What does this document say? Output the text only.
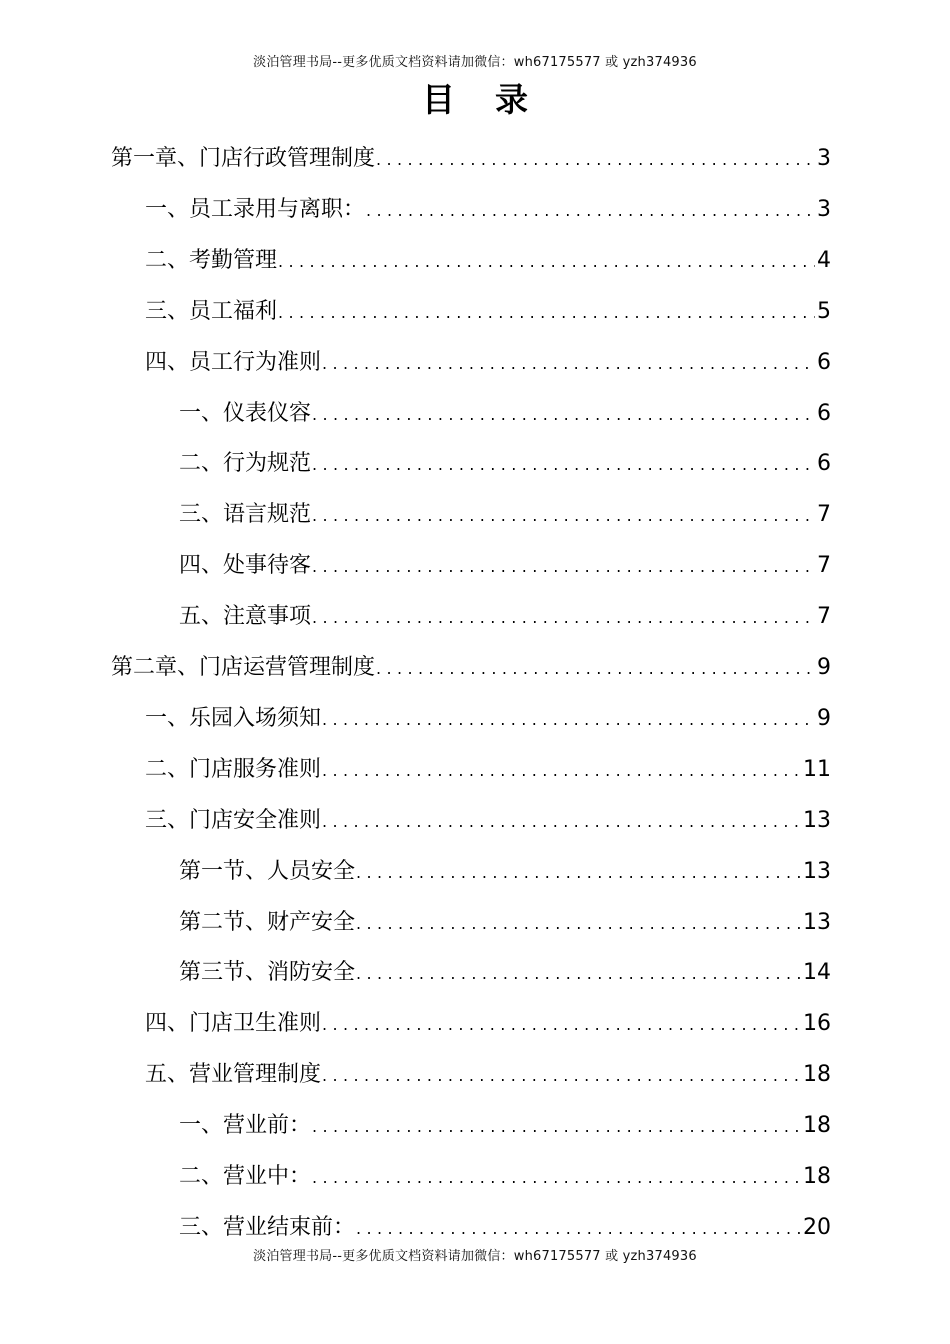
淡泊管理书局--更多优质文档资料请加微信：wh67175577 或 yzh374936
目录
第一章、门店行政管理制度 .....	3
一、员工录用与离职： .....	3
二、考勤管理 .....	4
三、员工福利 .....	5
四、员工行为准则 .....	6
一、仪表仪容 .....	6
二、行为规范 .....	6
三、语言规范 .....	7
四、处事待客 .....	7
五、注意事项 .....	7
第二章、门店运营管理制度 .....	9
一、乐园入场须知 .....	9
二、门店服务准则 .....	11
三、门店安全准则 .....	13
第一节、人员安全 .....	13
第二节、财产安全 .....	13
第三节、消防安全 .....	14
四、门店卫生准则 .....	16
五、营业管理制度 .....	18
一、营业前： .....	18
二、营业中： .....	18
三、营业结束前： .....	20
淡泊管理书局--更多优质文档资料请加微信：wh67175577 或 yzh374936
